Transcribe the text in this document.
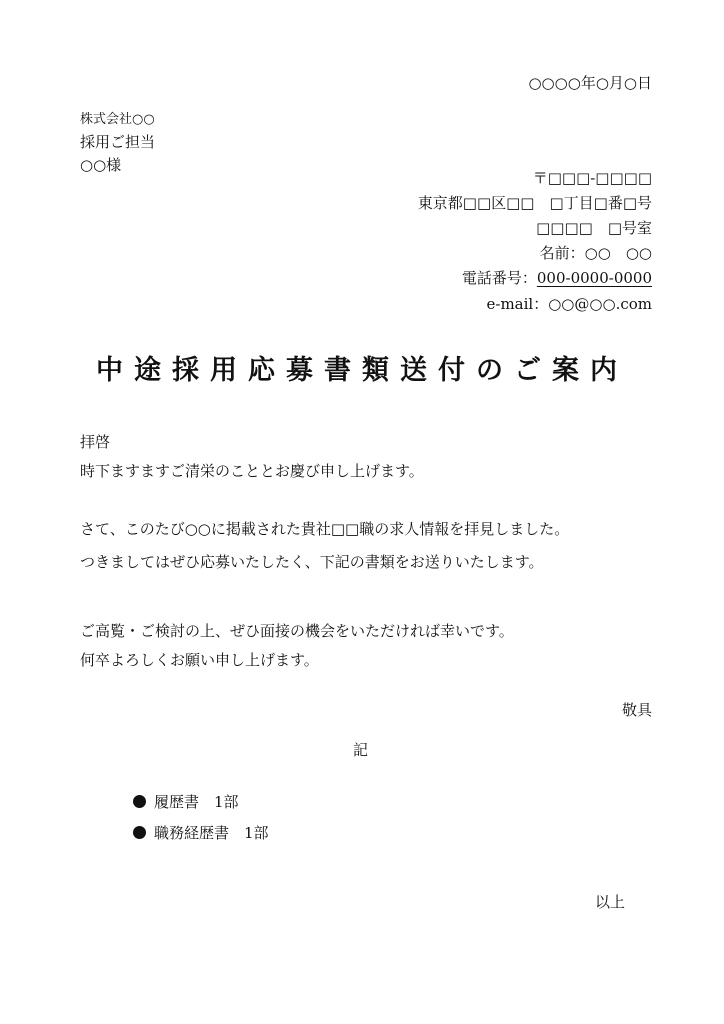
○○○○年○月○日
株式会社○○
採用ご担当
○○様
〒□□□-□□□□
東京都□□区□□　□丁目□番□号
□□□□　□号室
名前：○○　○○
電話番号：000-0000-0000
e-mail：○○@○○.com
中途採用応募書類送付のご案内
拝啓
時下ますますご清栄のこととお慶び申し上げます。
さて、このたび○○に掲載された貴社□□職の求人情報を拝見しました。
つきましてはぜひ応募いたしたく、下記の書類をお送りいたします。
ご高覧・ご検討の上、ぜひ面接の機会をいただければ幸いです。
何卒よろしくお願い申し上げます。
敬具
記
履歴書　1部
職務経歴書　1部
以上
